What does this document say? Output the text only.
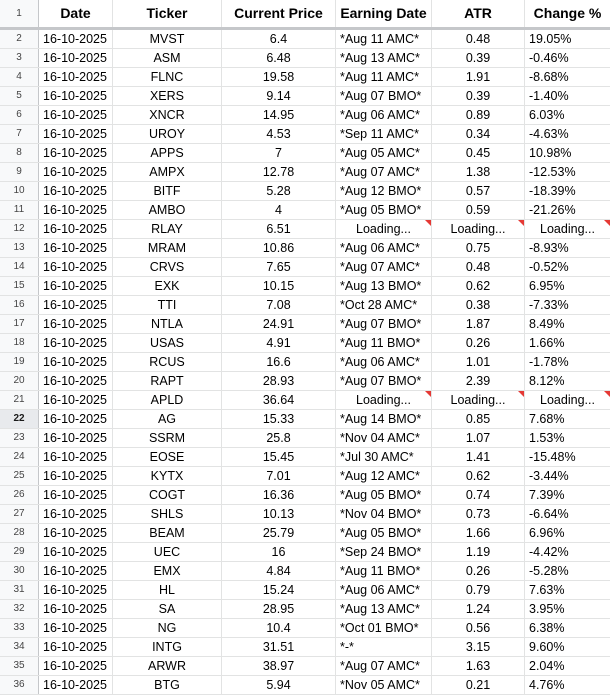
1	Date	Ticker	Current Price	Earning Date	ATR	Change %
2	16-10-2025	MVST	6.4	*Aug 11 AMC*	0.48	19.05%
3	16-10-2025	ASM	6.48	*Aug 13 AMC*	0.39	-0.46%
4	16-10-2025	FLNC	19.58	*Aug 11 AMC*	1.91	-8.68%
5	16-10-2025	XERS	9.14	*Aug 07 BMO*	0.39	-1.40%
6	16-10-2025	XNCR	14.95	*Aug 06 AMC*	0.89	6.03%
7	16-10-2025	UROY	4.53	*Sep 11 AMC*	0.34	-4.63%
8	16-10-2025	APPS	7	*Aug 05 AMC*	0.45	10.98%
9	16-10-2025	AMPX	12.78	*Aug 07 AMC*	1.38	-12.53%
10	16-10-2025	BITF	5.28	*Aug 12 BMO*	0.57	-18.39%
11	16-10-2025	AMBO	4	*Aug 05 BMO*	0.59	-21.26%
12	16-10-2025	RLAY	6.51	Loading...	Loading...	Loading...
13	16-10-2025	MRAM	10.86	*Aug 06 AMC*	0.75	-8.93%
14	16-10-2025	CRVS	7.65	*Aug 07 AMC*	0.48	-0.52%
15	16-10-2025	EXK	10.15	*Aug 13 BMO*	0.62	6.95%
16	16-10-2025	TTI	7.08	*Oct 28 AMC*	0.38	-7.33%
17	16-10-2025	NTLA	24.91	*Aug 07 BMO*	1.87	8.49%
18	16-10-2025	USAS	4.91	*Aug 11 BMO*	0.26	1.66%
19	16-10-2025	RCUS	16.6	*Aug 06 AMC*	1.01	-1.78%
20	16-10-2025	RAPT	28.93	*Aug 07 BMO*	2.39	8.12%
21	16-10-2025	APLD	36.64	Loading...	Loading...	Loading...
22	16-10-2025	AG	15.33	*Aug 14 BMO*	0.85	7.68%
23	16-10-2025	SSRM	25.8	*Nov 04 AMC*	1.07	1.53%
24	16-10-2025	EOSE	15.45	*Jul 30 AMC*	1.41	-15.48%
25	16-10-2025	KYTX	7.01	*Aug 12 AMC*	0.62	-3.44%
26	16-10-2025	COGT	16.36	*Aug 05 BMO*	0.74	7.39%
27	16-10-2025	SHLS	10.13	*Nov 04 BMO*	0.73	-6.64%
28	16-10-2025	BEAM	25.79	*Aug 05 BMO*	1.66	6.96%
29	16-10-2025	UEC	16	*Sep 24 BMO*	1.19	-4.42%
30	16-10-2025	EMX	4.84	*Aug 11 BMO*	0.26	-5.28%
31	16-10-2025	HL	15.24	*Aug 06 AMC*	0.79	7.63%
32	16-10-2025	SA	28.95	*Aug 13 AMC*	1.24	3.95%
33	16-10-2025	NG	10.4	*Oct 01 BMO*	0.56	6.38%
34	16-10-2025	INTG	31.51	*-*	3.15	9.60%
35	16-10-2025	ARWR	38.97	*Aug 07 AMC*	1.63	2.04%
36	16-10-2025	BTG	5.94	*Nov 05 AMC*	0.21	4.76%
